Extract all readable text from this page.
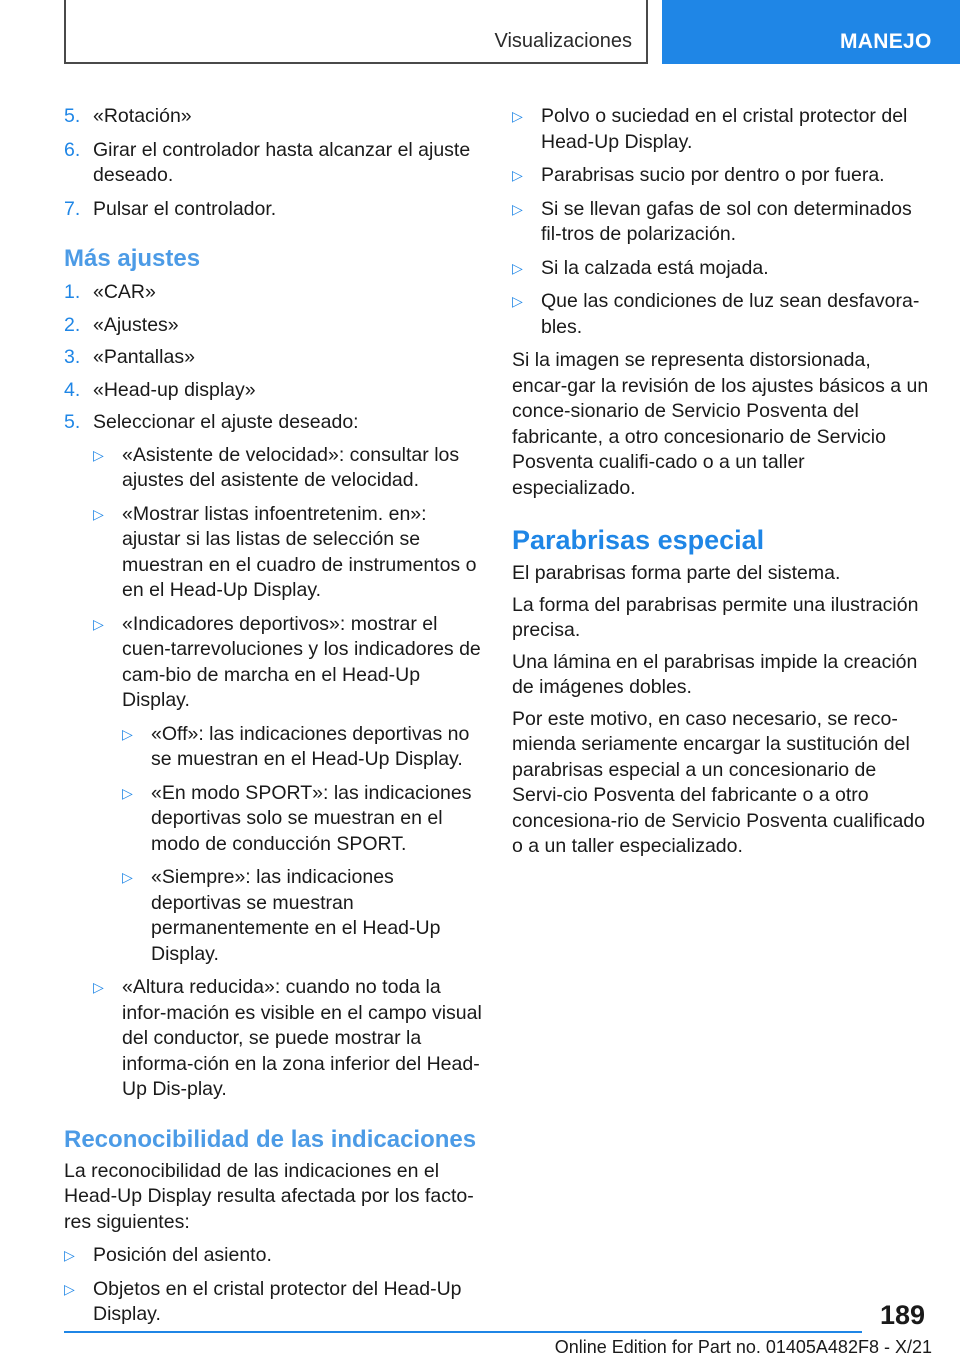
Visualizaciones	MANEJO
5. «Rotación»
6. Girar el controlador hasta alcanzar el ajuste deseado.
7. Pulsar el controlador.
Más ajustes
1. «CAR»
2. «Ajustes»
3. «Pantallas»
4. «Head-up display»
5. Seleccionar el ajuste deseado:
▷ «Asistente de velocidad»: consultar los ajustes del asistente de velocidad.
▷ «Mostrar listas infoentretenim. en»: ajustar si las listas de selección se muestran en el cuadro de instrumentos o en el Head-Up Display.
▷ «Indicadores deportivos»: mostrar el cuen-tarrevoluciones y los indicadores de cam-bio de marcha en el Head-Up Display.
▷ «Off»: las indicaciones deportivas no se muestran en el Head-Up Display.
▷ «En modo SPORT»: las indicaciones deportivas solo se muestran en el modo de conducción SPORT.
▷ «Siempre»: las indicaciones deportivas se muestran permanentemente en el Head-Up Display.
▷ «Altura reducida»: cuando no toda la infor-mación es visible en el campo visual del conductor, se puede mostrar la informa-ción en la zona inferior del Head-Up Dis-play.
Reconocibilidad de las indicaciones

La reconocibilidad de las indicaciones en el Head-Up Display resulta afectada por los facto-res siguientes:

▷ Posición del asiento.
▷ Objetos en el cristal protector del Head-Up Display.
▷ Polvo o suciedad en el cristal protector del Head-Up Display.
▷ Parabrisas sucio por dentro o por fuera.
▷ Si se llevan gafas de sol con determinados fil-tros de polarización.
▷ Si la calzada está mojada.
▷ Que las condiciones de luz sean desfavora-bles.

Si la imagen se representa distorsionada, encar-gar la revisión de los ajustes básicos a un conce-sionario de Servicio Posventa del fabricante, a otro concesionario de Servicio Posventa cualifi-cado o a un taller especializado.

Parabrisas especial

El parabrisas forma parte del sistema.

La forma del parabrisas permite una ilustración precisa.

Una lámina en el parabrisas impide la creación de imágenes dobles.

Por este motivo, en caso necesario, se reco-mienda seriamente encargar la sustitución del parabrisas especial a un concesionario de Servi-cio Posventa del fabricante o a otro concesiona-rio de Servicio Posventa cualificado o a un taller especializado.

189
Online Edition for Part no. 01405A482F8 - X/21
